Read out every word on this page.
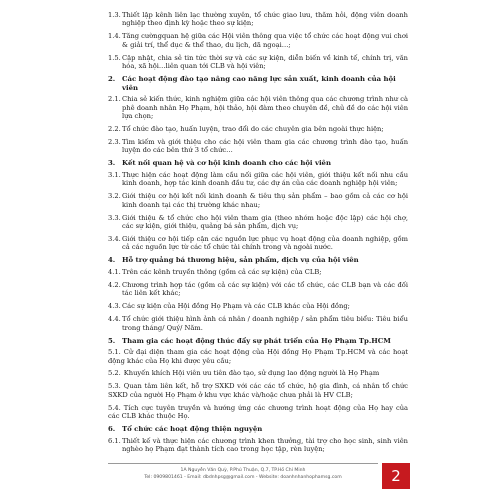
1.3. Thiết lập kênh liên lạc thường xuyên, tổ chức giao lưu, thăm hỏi, động viên doanh nghiệp theo định kỳ hoặc theo sự kiện;
1.4. Tăng cườngquan hệ giữa các Hội viên thông qua việc tổ chức các hoạt động vui chơi & giải trí, thể dục & thể thao, du lịch, dã ngoại…;
1.5. Cập nhật, chia sẻ tin tức thời sự và các sự kiện, diễn biến về kinh tế, chính trị, văn hóa, xã hội…liên quan tới CLB và hội viên;
2. Các hoạt động đào tạo nâng cao năng lực sản xuất, kinh doanh của hội viên
2.1. Chia sẻ kiến thức, kinh nghiệm giữa các hội viên thông qua các chương trình như cà phê doanh nhân Họ Phạm, hội thảo, hội đàm theo chuyên đề, chủ đề do các hội viên lựa chọn;
2.2. Tổ chức đào tạo, huấn luyện, trao đổi do các chuyên gia bên ngoài thực hiện;
2.3. Tìm kiếm và giới thiệu cho các hội viên tham gia các chương trình đào tạo, huấn luyện do các bên thứ 3 tổ chức…
3. Kết nối quan hệ và cơ hội kinh doanh cho các hội viên
3.1. Thực hiện các hoạt động làm cầu nối giữa các hội viên, giới thiệu kết nối nhu cầu kinh doanh, hợp tác kinh doanh đầu tư, các dự án của các doanh nghiệp hội viên;
3.2. Giới thiệu cơ hội kết nối kinh doanh & tiêu thụ sản phẩm – bao gồm cả các cơ hội kinh doanh tại các thị trường khác nhau;
3.3. Giới thiệu & tổ chức cho hội viên tham gia (theo nhóm hoặc độc lập) các hội chợ, các sự kiện, giới thiệu, quảng bá sản phẩm, dịch vụ;
3.4. Giới thiệu cơ hội tiếp cận các nguồn lực phục vụ hoạt động của doanh nghiệp, gồm cả các nguồn lực từ các tổ chức tài chính trong và ngoài nước.
4. Hỗ trợ quảng bá thương hiệu, sản phẩm, dịch vụ của hội viên
4.1. Trên các kênh truyền thông (gồm cả các sự kiện) của CLB;
4.2. Chương trình hợp tác (gồm cả các sự kiện) với các tổ chức, các CLB bạn và các đối tác liên kết khác;
4.3. Các sự kiện của Hội đồng Họ Phạm và các CLB khác của Hội đồng;
4.4. Tổ chức giới thiệu hình ảnh cá nhân / doanh nghiệp / sản phẩm tiêu biểu: Tiêu biểu trong tháng/ Quý/ Năm.
5. Tham gia các hoạt động thúc đẩy sự phát triển của Họ Phạm Tp.HCM
5.1. Cử đại diện tham gia các hoạt động của Hội đồng Họ Phạm Tp.HCM và các hoạt động khác của Họ khi được yêu cầu;
5.2. Khuyến khích Hội viên ưu tiên đào tạo, sử dụng lao động người là Họ Phạm
5.3. Quan tâm liên kết, hỗ trợ SXKD với các các tổ chức, hộ gia đình, cá nhân tổ chức SXKD của người Họ Phạm ở khu vực khác và/hoặc chưa phải là HV CLB;
5.4. Tích cực tuyên truyền và hướng ứng các chương trình hoạt động của Họ hay của các CLB khác thuộc Họ.
6. Tổ chức các hoạt động thiện nguyện
6.1. Thiết kế và thực hiện các chương trình khen thưởng, tài trợ cho học sinh, sinh viên nghèo họ Phạm đạt thành tích cao trong học tập, rèn luyện;
1A Nguyễn Văn Quỳ, P.Phú Thuận, Q.7, TP.Hồ Chí Minh
Tel: 0909801461 - Email: dbdnhpsg@gmail.com - Website: doanhnhanhophamsg.com	2
